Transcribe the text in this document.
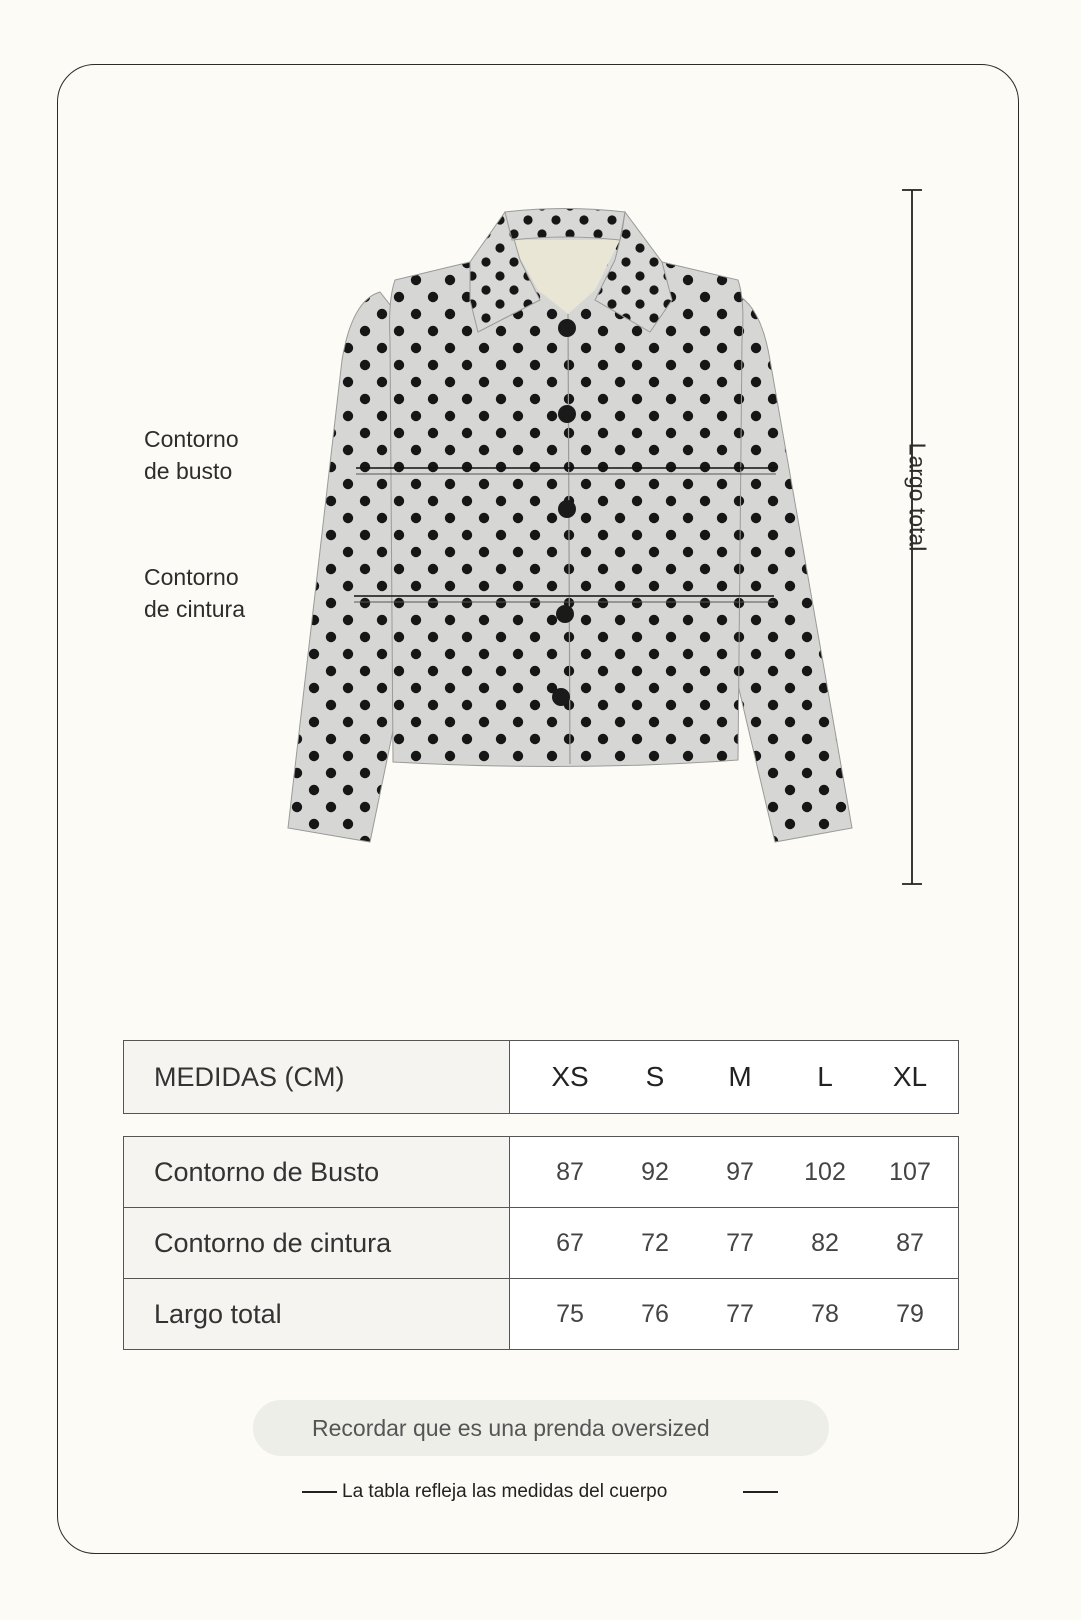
Contorno
de busto
Contorno
de cintura
Largo total
MEDIDAS (CM)	XS	S	M	L	XL
Contorno de Busto	87 92 97 102 107

Contorno de cintura	67 72 77 82 87

Largo total	75 76 77 78 79
Recordar que es una prenda oversized
La tabla refleja las medidas del cuerpo
